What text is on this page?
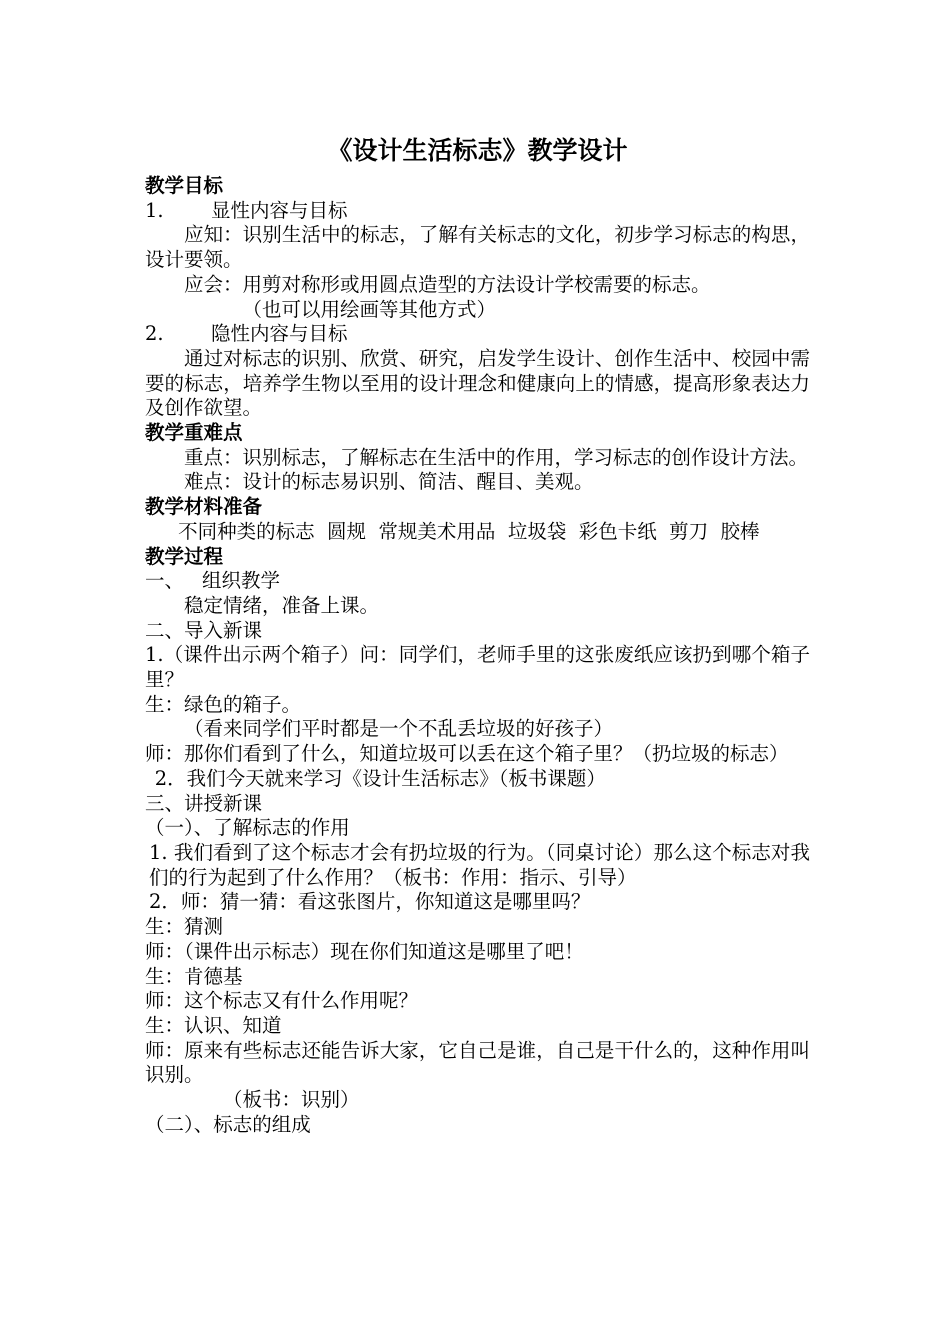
《设计生活标志》教学设计
教学目标
1. 显性内容与目标
应知：识别生活中的标志，了解有关标志的文化，初步学习标志的构思，设计要领。
应会：用剪对称形或用圆点造型的方法设计学校需要的标志。
（也可以用绘画等其他方式）
2. 隐性内容与目标
通过对标志的识别、欣赏、研究，启发学生设计、创作生活中、校园中需要的标志，培养学生物以至用的设计理念和健康向上的情感，提高形象表达力及创作欲望。
教学重难点
重点：识别标志，了解标志在生活中的作用，学习标志的创作设计方法。
难点：设计的标志易识别、简洁、醒目、美观。
教学材料准备
不同种类的标志  圆规  常规美术用品  垃圾袋  彩色卡纸  剪刀  胶棒
教学过程
一、 组织教学
稳定情绪，准备上课。
二、导入新课
1.（课件出示两个箱子）问：同学们，老师手里的这张废纸应该扔到哪个箱子里？
生：绿色的箱子。
（看来同学们平时都是一个不乱丢垃圾的好孩子）
师：那你们看到了什么，知道垃圾可以丢在这个箱子里？（扔垃圾的标志）
2．我们今天就来学习《设计生活标志》（板书课题）
三、讲授新课
（一）、了解标志的作用
1. 我们看到了这个标志才会有扔垃圾的行为。（同桌讨论）那么这个标志对我们的行为起到了什么作用？（板书：作用：指示、引导）
2．师：猜一猜：看这张图片，你知道这是哪里吗？
生：猜测
师：（课件出示标志）现在你们知道这是哪里了吧！
生：肯德基
师：这个标志又有什么作用呢？
生：认识、知道
师：原来有些标志还能告诉大家，它自己是谁，自己是干什么的，这种作用叫识别。
（板书：识别）
（二）、标志的组成
